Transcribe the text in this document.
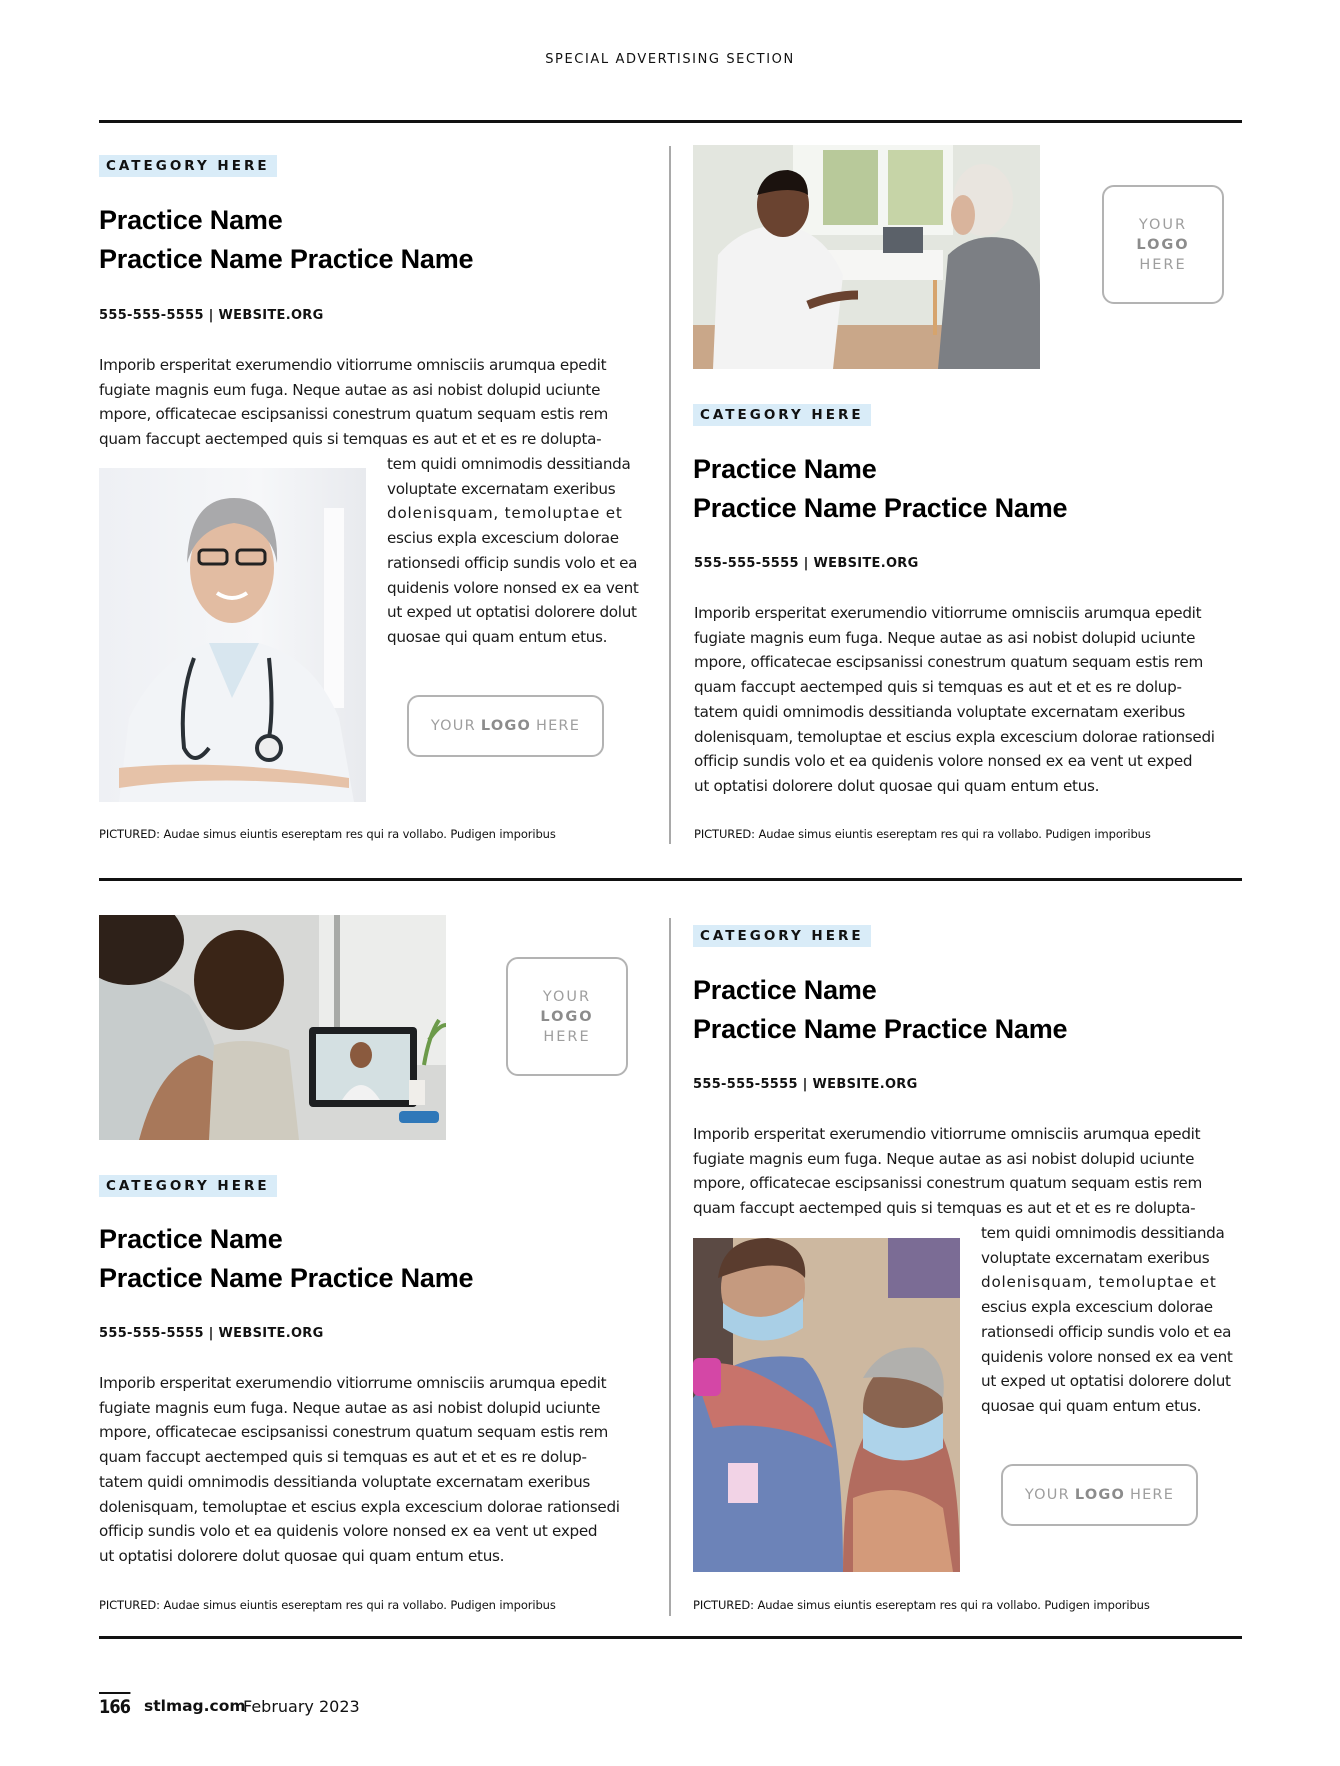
SPECIAL ADVERTISING SECTION
CATEGORY HERE
Practice Name
Practice Name Practice Name
555-555-5555 | WEBSITE.ORG
Imporib ersperitat exerumendio vitiorrume omnisciis arumqua epedit
fugiate magnis eum fuga. Neque autae as asi nobist dolupid uciunte
mpore, officatecae escipsanissi conestrum quatum sequam estis rem
quam faccupt aectemped quis si temquas es aut et et es re dolupta-
tem quidi omnimodis dessitianda
voluptate excernatam exeribus
dolenisquam, temoluptae et
escius expla excescium dolorae
rationsedi officip sundis volo et ea
quidenis volore nonsed ex ea vent
ut exped ut optatisi dolorere dolut
quosae qui quam entum etus.
YOUR LOGO HERE
PICTURED: Audae simus eiuntis esereptam res qui ra vollabo. Pudigen imporibus
YOUR
LOGO
HERE
CATEGORY HERE
Practice Name
Practice Name Practice Name
555-555-5555 | WEBSITE.ORG
Imporib ersperitat exerumendio vitiorrume omnisciis arumqua epedit
fugiate magnis eum fuga. Neque autae as asi nobist dolupid uciunte
mpore, officatecae escipsanissi conestrum quatum sequam estis rem
quam faccupt aectemped quis si temquas es aut et et es re dolup-
tatem quidi omnimodis dessitianda voluptate excernatam exeribus
dolenisquam, temoluptae et escius expla excescium dolorae rationsedi
officip sundis volo et ea quidenis volore nonsed ex ea vent ut exped
ut optatisi dolorere dolut quosae qui quam entum etus.
PICTURED: Audae simus eiuntis esereptam res qui ra vollabo. Pudigen imporibus
YOUR
LOGO
HERE
CATEGORY HERE
Practice Name
Practice Name Practice Name
555-555-5555 | WEBSITE.ORG
Imporib ersperitat exerumendio vitiorrume omnisciis arumqua epedit
fugiate magnis eum fuga. Neque autae as asi nobist dolupid uciunte
mpore, officatecae escipsanissi conestrum quatum sequam estis rem
quam faccupt aectemped quis si temquas es aut et et es re dolup-
tatem quidi omnimodis dessitianda voluptate excernatam exeribus
dolenisquam, temoluptae et escius expla excescium dolorae rationsedi
officip sundis volo et ea quidenis volore nonsed ex ea vent ut exped
ut optatisi dolorere dolut quosae qui quam entum etus.
PICTURED: Audae simus eiuntis esereptam res qui ra vollabo. Pudigen imporibus
CATEGORY HERE
Practice Name
Practice Name Practice Name
555-555-5555 | WEBSITE.ORG
Imporib ersperitat exerumendio vitiorrume omnisciis arumqua epedit
fugiate magnis eum fuga. Neque autae as asi nobist dolupid uciunte
mpore, officatecae escipsanissi conestrum quatum sequam estis rem
quam faccupt aectemped quis si temquas es aut et et es re dolupta-
tem quidi omnimodis dessitianda
voluptate excernatam exeribus
dolenisquam, temoluptae et
escius expla excescium dolorae
rationsedi officip sundis volo et ea
quidenis volore nonsed ex ea vent
ut exped ut optatisi dolorere dolut
quosae qui quam entum etus.
YOUR LOGO HERE
PICTURED: Audae simus eiuntis esereptam res qui ra vollabo. Pudigen imporibus
166 stlmag.com
February 2023
